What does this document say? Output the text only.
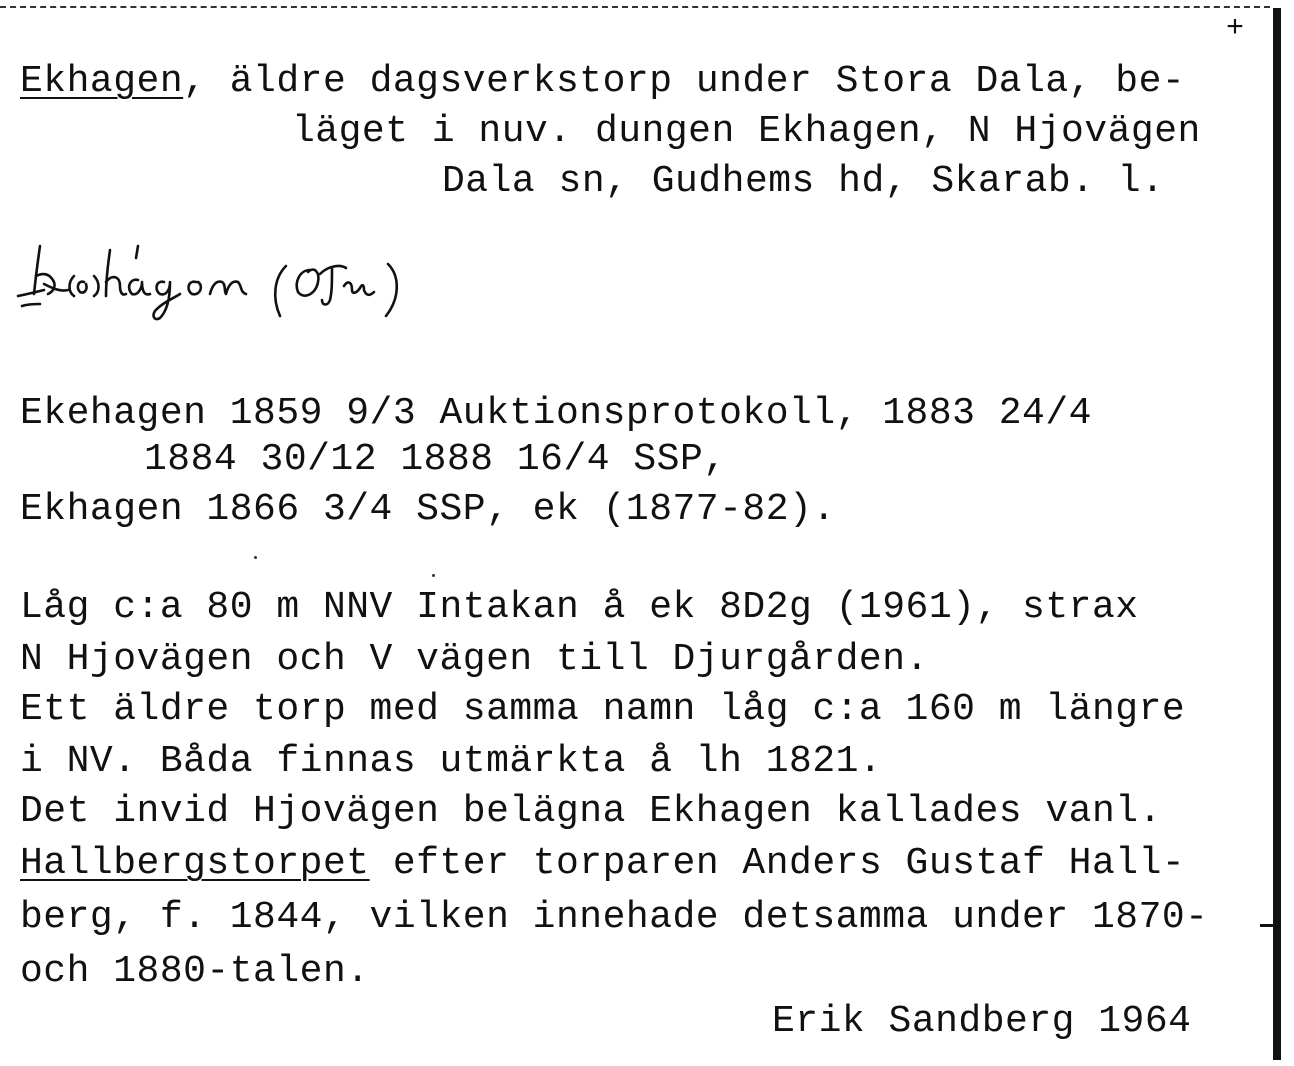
+
Ekhagen, äldre dagsverkstorp under Stora Dala, be-
läget i nuv. dungen Ekhagen, N Hjovägen
Dala sn, Gudhems hd, Skarab. l.
Ekehagen 1859 9/3 Auktionsprotokoll, 1883 24/4
1884 30/12 1888 16/4 SSP,
Ekhagen 1866 3/4 SSP, ek (1877-82).
Låg c:a 80 m NNV Intakan å ek 8D2g (1961), strax
N Hjovägen och V vägen till Djurgården.
Ett äldre torp med samma namn låg c:a 160 m längre
i NV. Båda finnas utmärkta å lh 1821.
Det invid Hjovägen belägna Ekhagen kallades vanl.
Hallbergstorpet efter torparen Anders Gustaf Hall-
berg, f. 1844, vilken innehade detsamma under 1870-
och 1880-talen.
Erik Sandberg 1964
